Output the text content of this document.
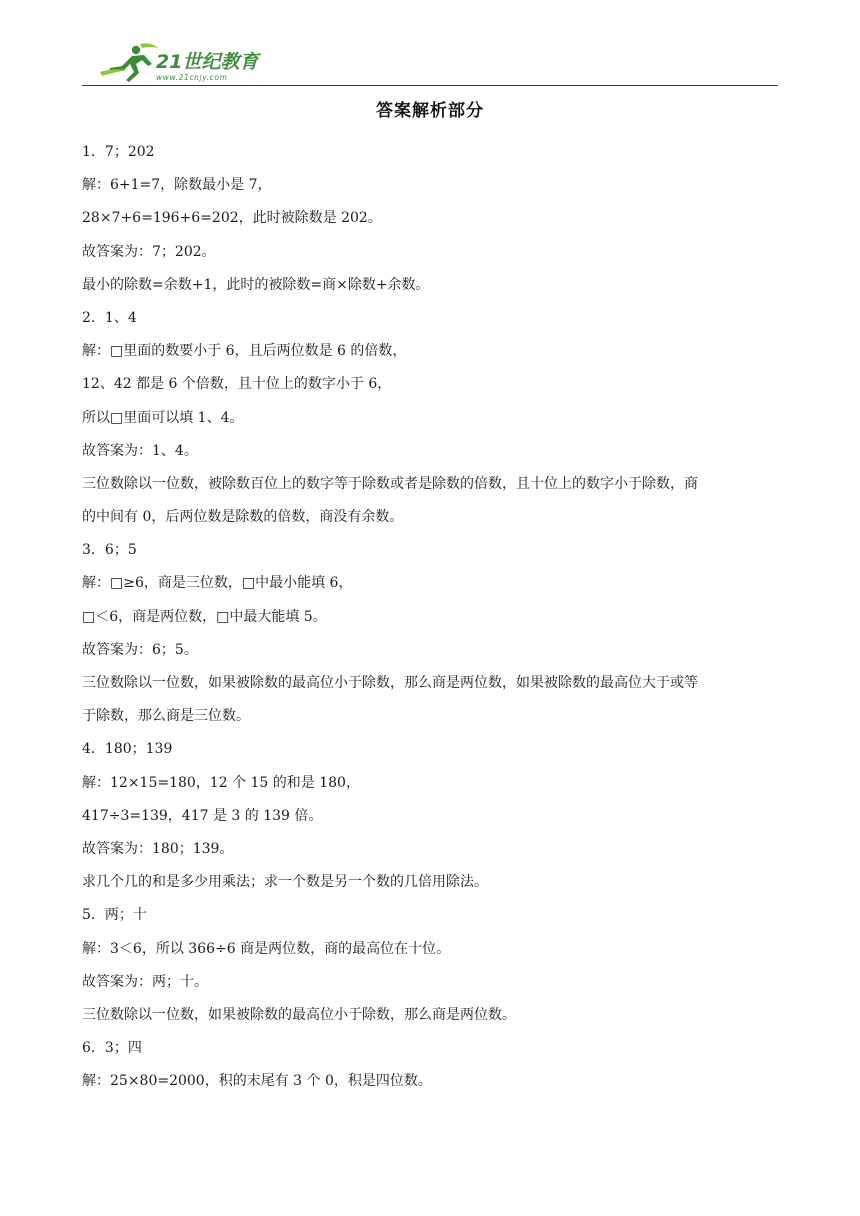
21世纪教育
www.21cnjy.com
答案解析部分
1．7；202
解：6+1=7，除数最小是 7，
28×7+6=196+6=202，此时被除数是 202。
故答案为：7；202。
最小的除数=余数+1，此时的被除数=商×除数+余数。
2．1、4
解：□里面的数要小于 6，且后两位数是 6 的倍数，
12、42 都是 6 个倍数，且十位上的数字小于 6，
所以□里面可以填 1、4。
故答案为：1、4。
三位数除以一位数，被除数百位上的数字等于除数或者是除数的倍数，且十位上的数字小于除数，商
的中间有 0，后两位数是除数的倍数，商没有余数。
3．6；5
解：□≥6，商是三位数，□中最小能填 6，
□＜6，商是两位数，□中最大能填 5。
故答案为：6；5。
三位数除以一位数，如果被除数的最高位小于除数，那么商是两位数，如果被除数的最高位大于或等
于除数，那么商是三位数。
4．180；139
解：12×15=180，12 个 15 的和是 180，
417÷3=139，417 是 3 的 139 倍。
故答案为：180；139。
求几个几的和是多少用乘法；求一个数是另一个数的几倍用除法。
5．两；十
解：3＜6，所以 366÷6 商是两位数，商的最高位在十位。
故答案为：两；十。
三位数除以一位数，如果被除数的最高位小于除数，那么商是两位数。
6．3；四
解：25×80=2000，积的末尾有 3 个 0，积是四位数。
